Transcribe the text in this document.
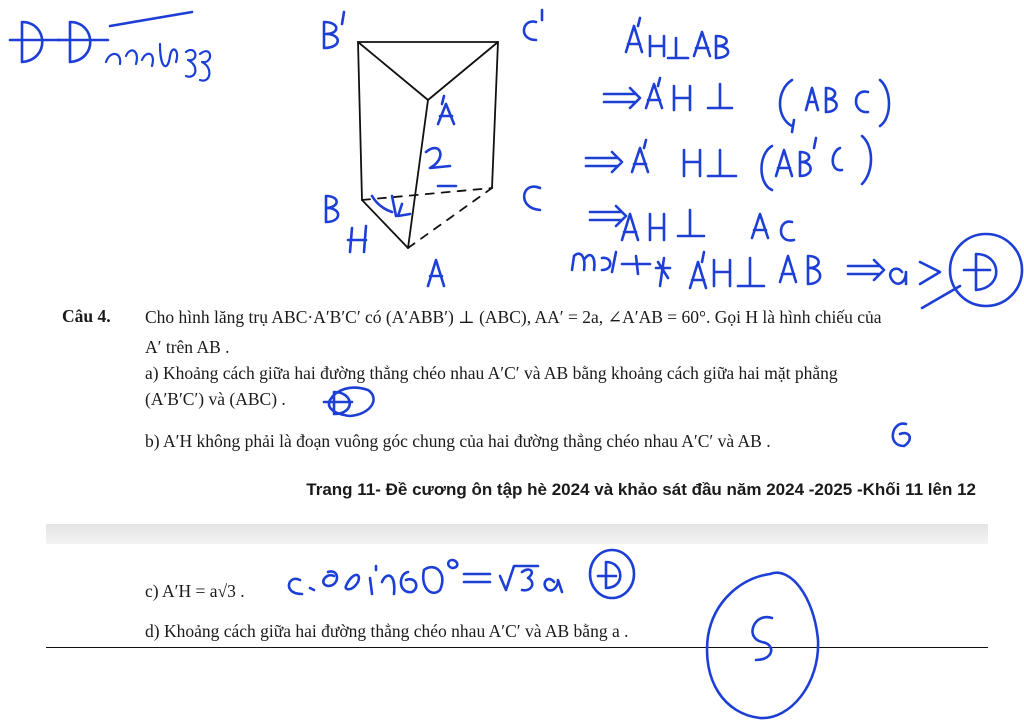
Câu 4. Cho hình lăng trụ ABC·A′B′C′ có (A′ABB′) ⊥ (ABC), AA′ = 2a, ∠A′AB = 60°. Gọi H là hình chiếu của
A′ trên AB .
a) Khoảng cách giữa hai đường thẳng chéo nhau A′C′ và AB bằng khoảng cách giữa hai mặt phẳng
(A′B′C′) và (ABC) .
b) A′H không phải là đoạn vuông góc chung của hai đường thẳng chéo nhau A′C′ và AB .
Trang 11- Đề cương ôn tập hè 2024 và khảo sát đầu năm 2024 -2025 -Khối 11 lên 12
c) A′H = a√3 .
d) Khoảng cách giữa hai đường thẳng chéo nhau A′C′ và AB bằng a .
